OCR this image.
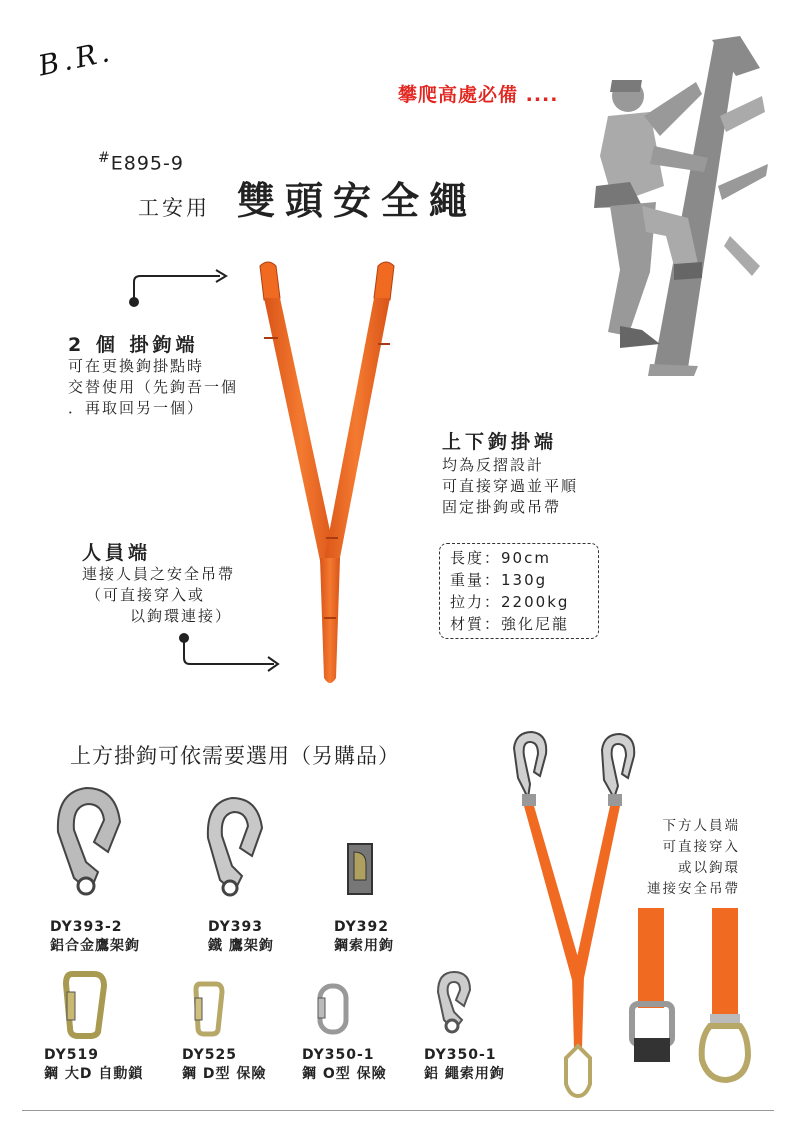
B.R.
攀爬高處必備 ....
#E895-9
工安用 雙頭安全繩
2 個 掛鉤端
可在更換鉤掛點時
交替使用（先鉤吾一個
．再取回另一個）
上下鉤掛端
均為反摺設計
可直接穿過並平順
固定掛鉤或吊帶
長度：90cm
重量：130g
拉力：2200kg
材質：強化尼龍
人員端
連接人員之安全吊帶
（可直接穿入或
以鉤環連接）
上方掛鉤可依需要選用（另購品）
DY393-2
鋁合金鷹架鉤
DY393
鐵 鷹架鉤
DY392
鋼索用鉤
DY519
鋼 大D 自動鎖
DY525
鋼 D型 保險
DY350-1
鋼 O型 保險
DY350-1
鋁 繩索用鉤
下方人員端
可直接穿入
或以鉤環
連接安全吊帶
